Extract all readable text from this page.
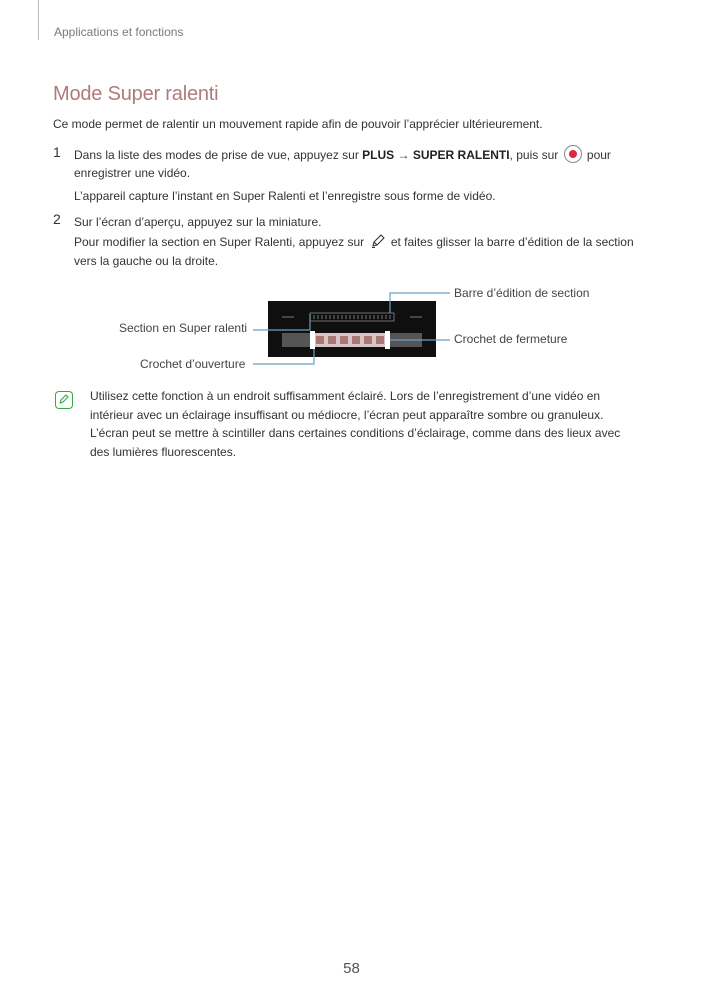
Applications et fonctions
Mode Super ralenti
Ce mode permet de ralentir un mouvement rapide afin de pouvoir l’apprécier ultérieurement.
1 Dans la liste des modes de prise de vue, appuyez sur PLUS → SUPER RALENTI, puis sur  pour
enregistrer une vidéo.
L’appareil capture l’instant en Super Ralenti et l’enregistre sous forme de vidéo.
2 Sur l’écran d’aperçu, appuyez sur la miniature.
Pour modifier la section en Super Ralenti, appuyez sur  et faites glisser la barre d’édition de la section
vers la gauche ou la droite.
Barre d’édition de section
Section en Super ralenti
Crochet de fermeture
Crochet d’ouverture
Utilisez cette fonction à un endroit suffisamment éclairé. Lors de l’enregistrement d’une vidéo en
intérieur avec un éclairage insuffisant ou médiocre, l’écran peut apparaître sombre ou granuleux.
L’écran peut se mettre à scintiller dans certaines conditions d’éclairage, comme dans des lieux avec
des lumières fluorescentes.
58
